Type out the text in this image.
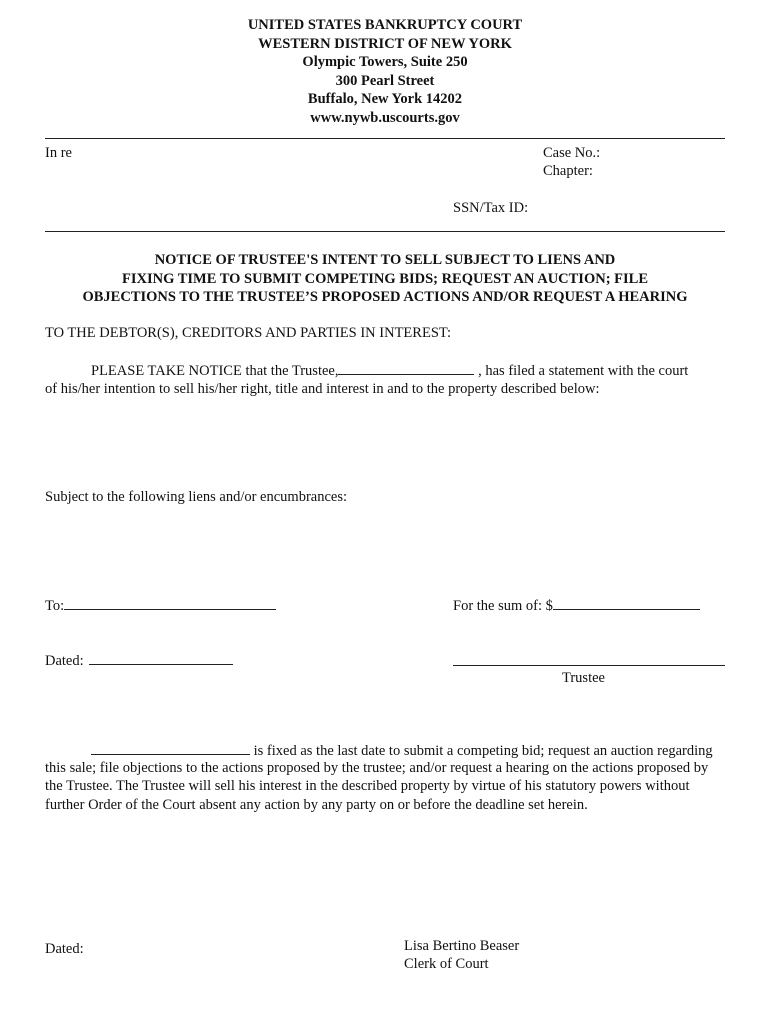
UNITED STATES BANKRUPTCY COURT
WESTERN DISTRICT OF NEW YORK
Olympic Towers, Suite 250
300 Pearl Street
Buffalo, New York 14202
www.nywb.uscourts.gov
In re	Case No.:
Chapter:
SSN/Tax ID:
NOTICE OF TRUSTEE'S INTENT TO SELL SUBJECT TO LIENS AND
FIXING TIME TO SUBMIT COMPETING BIDS; REQUEST AN AUCTION; FILE
OBJECTIONS TO THE TRUSTEE’S PROPOSED ACTIONS AND/OR REQUEST A HEARING
TO THE DEBTOR(S), CREDITORS AND PARTIES IN INTEREST:
PLEASE TAKE NOTICE that the Trustee,	, has filed a statement with the court
of his/her intention to sell his/her right, title and interest in and to the property described below:
Subject to the following liens and/or encumbrances:
To:	For the sum of: $
Dated:
Trustee
is fixed as the last date to submit a competing bid; request an auction regarding
this sale; file objections to the actions proposed by the trustee; and/or request a hearing on the actions proposed by
the Trustee. The Trustee will sell his interest in the described property by virtue of his statutory powers without
further Order of the Court absent any action by any party on or before the deadline set herein.
Dated:	Lisa Bertino Beaser
Clerk of Court
